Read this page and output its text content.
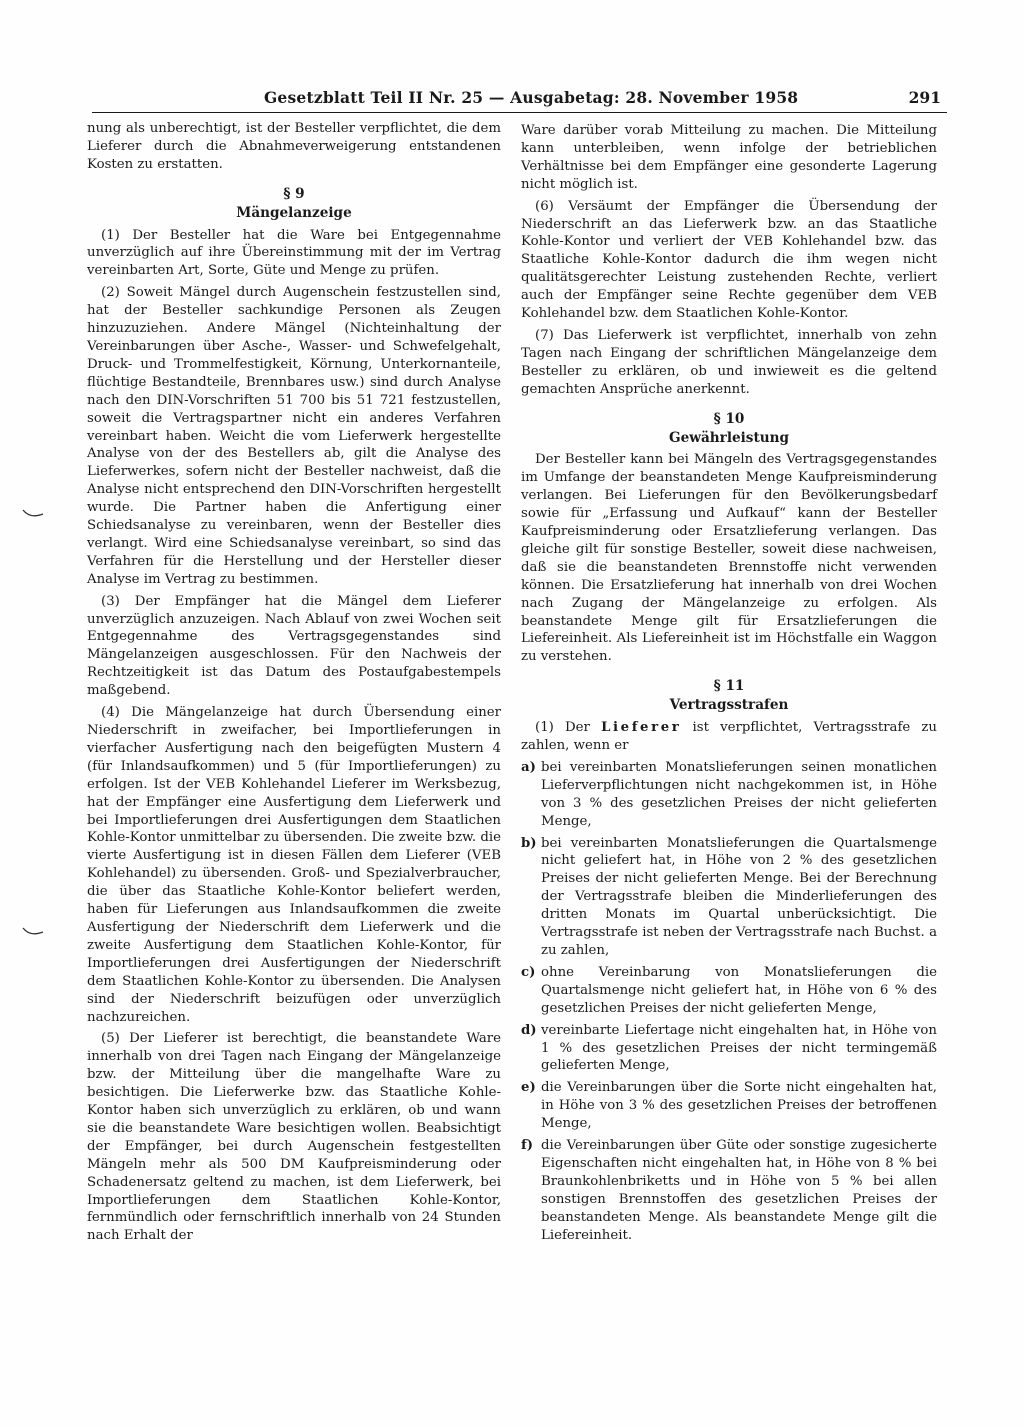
Gesetzblatt Teil II Nr. 25 — Ausgabetag: 28. November 1958	291

nung als unberechtigt, ist der Besteller verpflichtet, die dem Lieferer durch die Abnahmeverweigerung entstandenen Kosten zu erstatten.

§ 9
Mängelanzeige

(1) Der Besteller hat die Ware bei Entgegennahme unverzüglich auf ihre Übereinstimmung mit der im Vertrag vereinbarten Art, Sorte, Güte und Menge zu prüfen.

(2) Soweit Mängel durch Augenschein festzustellen sind, hat der Besteller sachkundige Personen als Zeugen hinzuzuziehen. Andere Mängel (Nichteinhaltung der Vereinbarungen über Asche-, Wasser- und Schwefelgehalt, Druck- und Trommelfestigkeit, Körnung, Unterkornanteile, flüchtige Bestandteile, Brennbares usw.) sind durch Analyse nach den DIN-Vorschriften 51 700 bis 51 721 festzustellen, soweit die Vertragspartner nicht ein anderes Verfahren vereinbart haben. Weicht die vom Lieferwerk hergestellte Analyse von der des Bestellers ab, gilt die Analyse des Lieferwerkes, sofern nicht der Besteller nachweist, daß die Analyse nicht entsprechend den DIN-Vorschriften hergestellt wurde. Die Partner haben die Anfertigung einer Schiedsanalyse zu vereinbaren, wenn der Besteller dies verlangt. Wird eine Schiedsanalyse vereinbart, so sind das Verfahren für die Herstellung und der Hersteller dieser Analyse im Vertrag zu bestimmen.

(3) Der Empfänger hat die Mängel dem Lieferer unverzüglich anzuzeigen. Nach Ablauf von zwei Wochen seit Entgegennahme des Vertragsgegenstandes sind Mängelanzeigen ausgeschlossen. Für den Nachweis der Rechtzeitigkeit ist das Datum des Postaufgabestempels maßgebend.

(4) Die Mängelanzeige hat durch Übersendung einer Niederschrift in zweifacher, bei Importlieferungen in vierfacher Ausfertigung nach den beigefügten Mustern 4 (für Inlandsaufkommen) und 5 (für Importlieferungen) zu erfolgen. Ist der VEB Kohlehandel Lieferer im Werksbezug, hat der Empfänger eine Ausfertigung dem Lieferwerk und bei Importlieferungen drei Ausfertigungen dem Staatlichen Kohle-Kontor unmittelbar zu übersenden. Die zweite bzw. die vierte Ausfertigung ist in diesen Fällen dem Lieferer (VEB Kohlehandel) zu übersenden. Groß- und Spezialverbraucher, die über das Staatliche Kohle-Kontor beliefert werden, haben für Lieferungen aus Inlandsaufkommen die zweite Ausfertigung der Niederschrift dem Lieferwerk und die zweite Ausfertigung dem Staatlichen Kohle-Kontor, für Importlieferungen drei Ausfertigungen der Niederschrift dem Staatlichen Kohle-Kontor zu übersenden. Die Analysen sind der Niederschrift beizufügen oder unverzüglich nachzureichen.

(5) Der Lieferer ist berechtigt, die beanstandete Ware innerhalb von drei Tagen nach Eingang der Mängelanzeige bzw. der Mitteilung über die mangelhafte Ware zu besichtigen. Die Lieferwerke bzw. das Staatliche Kohle-Kontor haben sich unverzüglich zu erklären, ob und wann sie die beanstandete Ware besichtigen wollen. Beabsichtigt der Empfänger, bei durch Augenschein festgestellten Mängeln mehr als 500 DM Kaufpreisminderung oder Schadenersatz geltend zu machen, ist dem Lieferwerk, bei Importlieferungen dem Staatlichen Kohle-Kontor, fernmündlich oder fernschriftlich innerhalb von 24 Stunden nach Erhalt der

Ware darüber vorab Mitteilung zu machen. Die Mitteilung kann unterbleiben, wenn infolge der betrieblichen Verhältnisse bei dem Empfänger eine gesonderte Lagerung nicht möglich ist.

(6) Versäumt der Empfänger die Übersendung der Niederschrift an das Lieferwerk bzw. an das Staatliche Kohle-Kontor und verliert der VEB Kohlehandel bzw. das Staatliche Kohle-Kontor dadurch die ihm wegen nicht qualitätsgerechter Leistung zustehenden Rechte, verliert auch der Empfänger seine Rechte gegenüber dem VEB Kohlehandel bzw. dem Staatlichen Kohle-Kontor.

(7) Das Lieferwerk ist verpflichtet, innerhalb von zehn Tagen nach Eingang der schriftlichen Mängelanzeige dem Besteller zu erklären, ob und inwieweit es die geltend gemachten Ansprüche anerkennt.

§ 10
Gewährleistung

Der Besteller kann bei Mängeln des Vertragsgegenstandes im Umfange der beanstandeten Menge Kaufpreisminderung verlangen. Bei Lieferungen für den Bevölkerungsbedarf sowie für „Erfassung und Aufkauf“ kann der Besteller Kaufpreisminderung oder Ersatzlieferung verlangen. Das gleiche gilt für sonstige Besteller, soweit diese nachweisen, daß sie die beanstandeten Brennstoffe nicht verwenden können. Die Ersatzlieferung hat innerhalb von drei Wochen nach Zugang der Mängelanzeige zu erfolgen. Als beanstandete Menge gilt für Ersatzlieferungen die Liefereinheit. Als Liefereinheit ist im Höchstfalle ein Waggon zu verstehen.

§ 11
Vertragsstrafen

(1) Der Lieferer ist verpflichtet, Vertragsstrafe zu zahlen, wenn er

a) bei vereinbarten Monatslieferungen seinen monatlichen Lieferverpflichtungen nicht nachgekommen ist, in Höhe von 3 % des gesetzlichen Preises der nicht gelieferten Menge,
b) bei vereinbarten Monatslieferungen die Quartalsmenge nicht geliefert hat, in Höhe von 2 % des gesetzlichen Preises der nicht gelieferten Menge. Bei der Berechnung der Vertragsstrafe bleiben die Minderlieferungen des dritten Monats im Quartal unberücksichtigt. Die Vertragsstrafe ist neben der Vertragsstrafe nach Buchst. a zu zahlen,
c) ohne Vereinbarung von Monatslieferungen die Quartalsmenge nicht geliefert hat, in Höhe von 6 % des gesetzlichen Preises der nicht gelieferten Menge,
d) vereinbarte Liefertage nicht eingehalten hat, in Höhe von 1 % des gesetzlichen Preises der nicht termingemäß gelieferten Menge,
e) die Vereinbarungen über die Sorte nicht eingehalten hat, in Höhe von 3 % des gesetzlichen Preises der betroffenen Menge,
f) die Vereinbarungen über Güte oder sonstige zugesicherte Eigenschaften nicht eingehalten hat, in Höhe von 8 % bei Braunkohlenbriketts und in Höhe von 5 % bei allen sonstigen Brennstoffen des gesetzlichen Preises der beanstandeten Menge. Als beanstandete Menge gilt die Liefereinheit.
